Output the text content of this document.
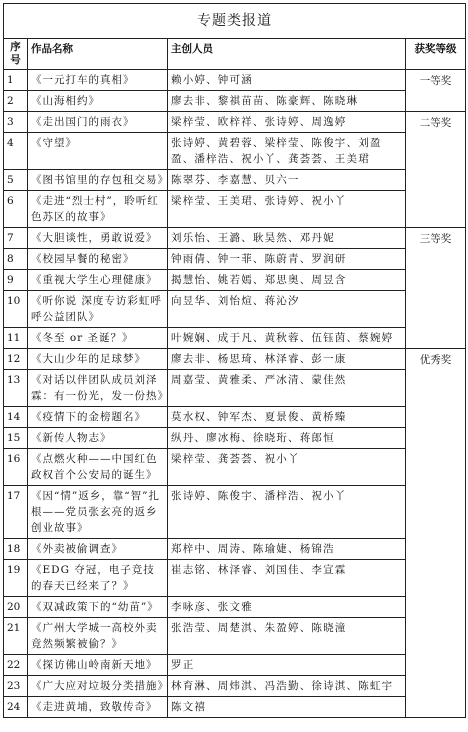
专题类报道			
序号	作品名称	主创人员	获奖等级
1	《一元打车的真相》	赖小婷、钟可涵	一等奖
2	《山海相约》	廖去非、黎祺苗苗、陈豪辉、陈晓琳	
3	《走出国门的雨衣》	梁梓莹、欧梓祥、张诗婷、周逸婷	二等奖
4	《守望》	张诗婷、黄碧蓉、梁梓莹、陈俊宇、刘盈盈、潘梓浩、祝小丫、龚荟荟、王美珺	
5	《图书馆里的存包租交易》	陈翠芬、李嘉慧、贝六一	
6	《走进“烈士村”，聆听红色苏区的故事》	梁梓莹、王美珺、张诗婷、祝小丫	
7	《大胆谈性，勇敢说爱》	刘乐怡、王潞、耿昊然、邓丹妮	三等奖
8	《校园早餐的秘密》	钟雨倩、钟一菲、陈蔚青、罗润研	
9	《重视大学生心理健康》	揭慧怡、姚若嫣、郑思奥、周昱含	
10	《听你说 深度专访彩虹呼呼公益团队》	向昱华、刘怡煊、蒋沁汐	
11	《冬至 or 圣诞？》	叶婉娴、成于凡、黄秋蓉、伍钰茵、蔡婉婷	
12	《大山少年的足球梦》	廖去非、杨思琦、林泽睿、彭一康	优秀奖
13	《对话以伴团队成员刘泽霖：有一份光，发一份热》	周嘉莹、黄雅柔、严冰清、蒙佳然	
14	《疫情下的金榜题名》	莫水权、钟军杰、夏景俊、黄桥臻	
15	《新传人物志》	纵丹、廖冰梅、徐晓珩、蒋郎恒	
16	《点燃火种——中国红色政权首个公安局的诞生》	梁梓莹、龚荟荟、祝小丫	
17	《因“情”返乡，靠“智”扎根——党员张玄亮的返乡创业故事》	张诗婷、陈俊宇、潘梓浩、祝小丫	
18	《外卖被偷调查》	郑梓中、周涛、陈瑜婕、杨锦浩	
19	《EDG 夺冠，电子竞技的春天已经来了？》	崔志铭、林泽睿、刘国佳、李宣霖	
20	《双减政策下的“幼苗”》	李咏彦、张文雅	
21	《广州大学城一高校外卖竟然频繁被偷？》	张浩莹、周楚淇、朱盈婷、陈晓潼	
22	《探访佛山岭南新天地》	罗正	
23	《广大应对垃圾分类措施》	林育淋、周炜淇、冯浩勤、徐诗淇、陈虹宇	
24	《走进黄埔，致敬传奇》	陈文禧	
